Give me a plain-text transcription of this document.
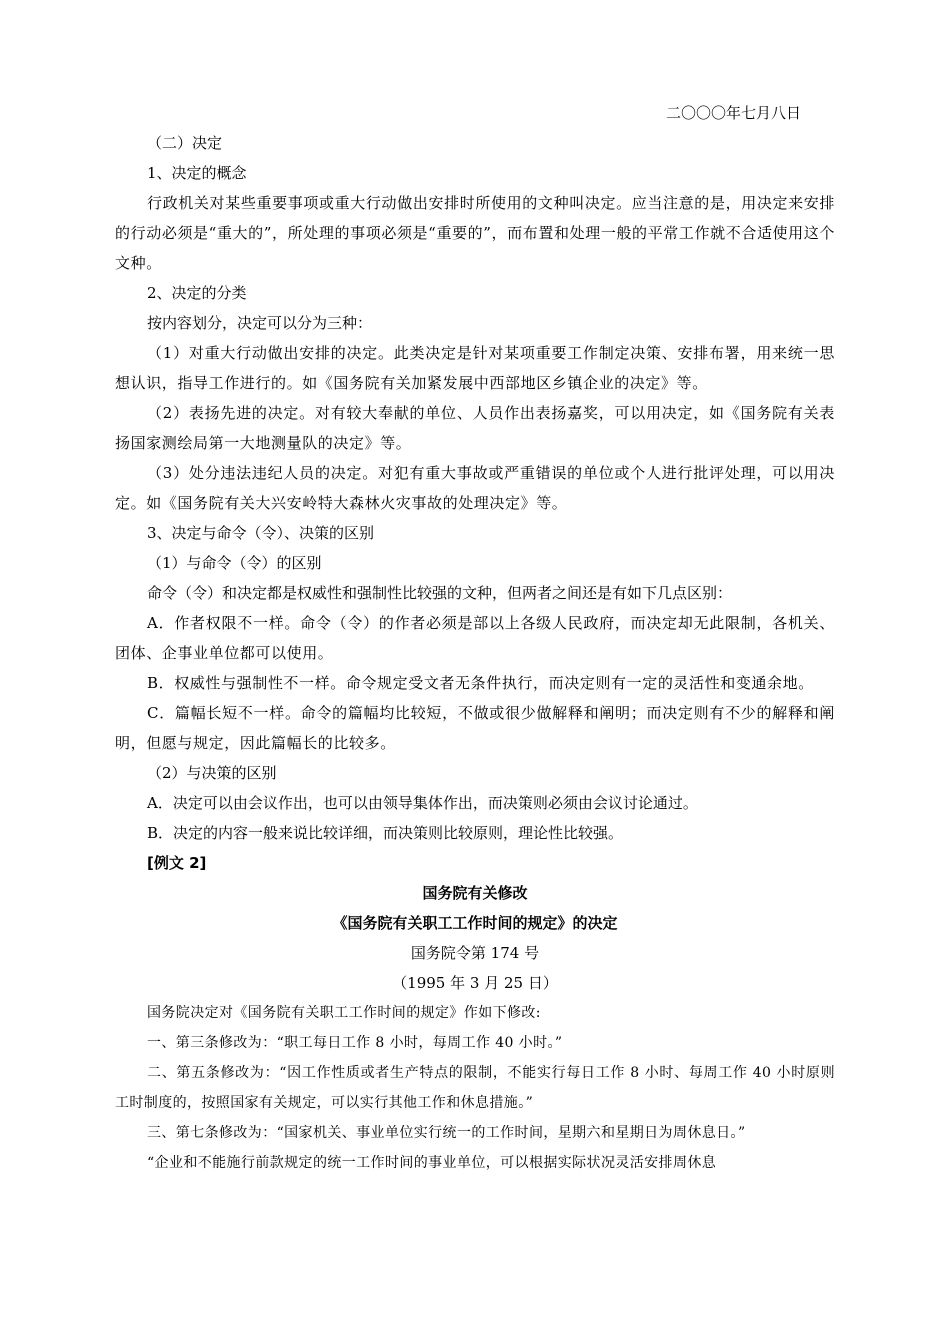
二〇〇〇年七月八日

（二）决定

1、决定的概念

行政机关对某些重要事项或重大行动做出安排时所使用的文种叫决定。应当注意的是，用决定来安排的行动必须是“重大的”，所处理的事项必须是“重要的”，而布置和处理一般的平常工作就不合适使用这个文种。

2、决定的分类

按内容划分，决定可以分为三种：

（1）对重大行动做出安排的决定。此类决定是针对某项重要工作制定决策、安排布署，用来统一思想认识，指导工作进行的。如《国务院有关加紧发展中西部地区乡镇企业的决定》等。

（2）表扬先进的决定。对有较大奉献的单位、人员作出表扬嘉奖，可以用决定，如《国务院有关表扬国家测绘局第一大地测量队的决定》等。

（3）处分违法违纪人员的决定。对犯有重大事故或严重错误的单位或个人进行批评处理，可以用决定。如《国务院有关大兴安岭特大森林火灾事故的处理决定》等。

3、决定与命令（令）、决策的区别

（1）与命令（令）的区别

命令（令）和决定都是权威性和强制性比较强的文种，但两者之间还是有如下几点区别：

A．作者权限不一样。命令（令）的作者必须是部以上各级人民政府，而决定却无此限制，各机关、团体、企事业单位都可以使用。

B．权威性与强制性不一样。命令规定受文者无条件执行，而决定则有一定的灵活性和变通余地。

C．篇幅长短不一样。命令的篇幅均比较短，不做或很少做解释和阐明；而决定则有不少的解释和阐明，但愿与规定，因此篇幅长的比较多。

（2）与决策的区别

A．决定可以由会议作出，也可以由领导集体作出，而决策则必须由会议讨论通过。

B．决定的内容一般来说比较详细，而决策则比较原则，理论性比较强。

[例文 2]

国务院有关修改
《国务院有关职工工作时间的规定》的决定

国务院令第 174 号

（1995 年 3 月 25 日）

国务院决定对《国务院有关职工工作时间的规定》作如下修改:

一、第三条修改为：“职工每日工作 8 小时，每周工作 40 小时。”

二、第五条修改为：“因工作性质或者生产特点的限制，不能实行每日工作 8 小时、每周工作 40 小时原则工时制度的，按照国家有关规定，可以实行其他工作和休息措施。”

三、第七条修改为：“国家机关、事业单位实行统一的工作时间，星期六和星期日为周休息日。”

“企业和不能施行前款规定的统一工作时间的事业单位，可以根据实际状况灵活安排周休息
